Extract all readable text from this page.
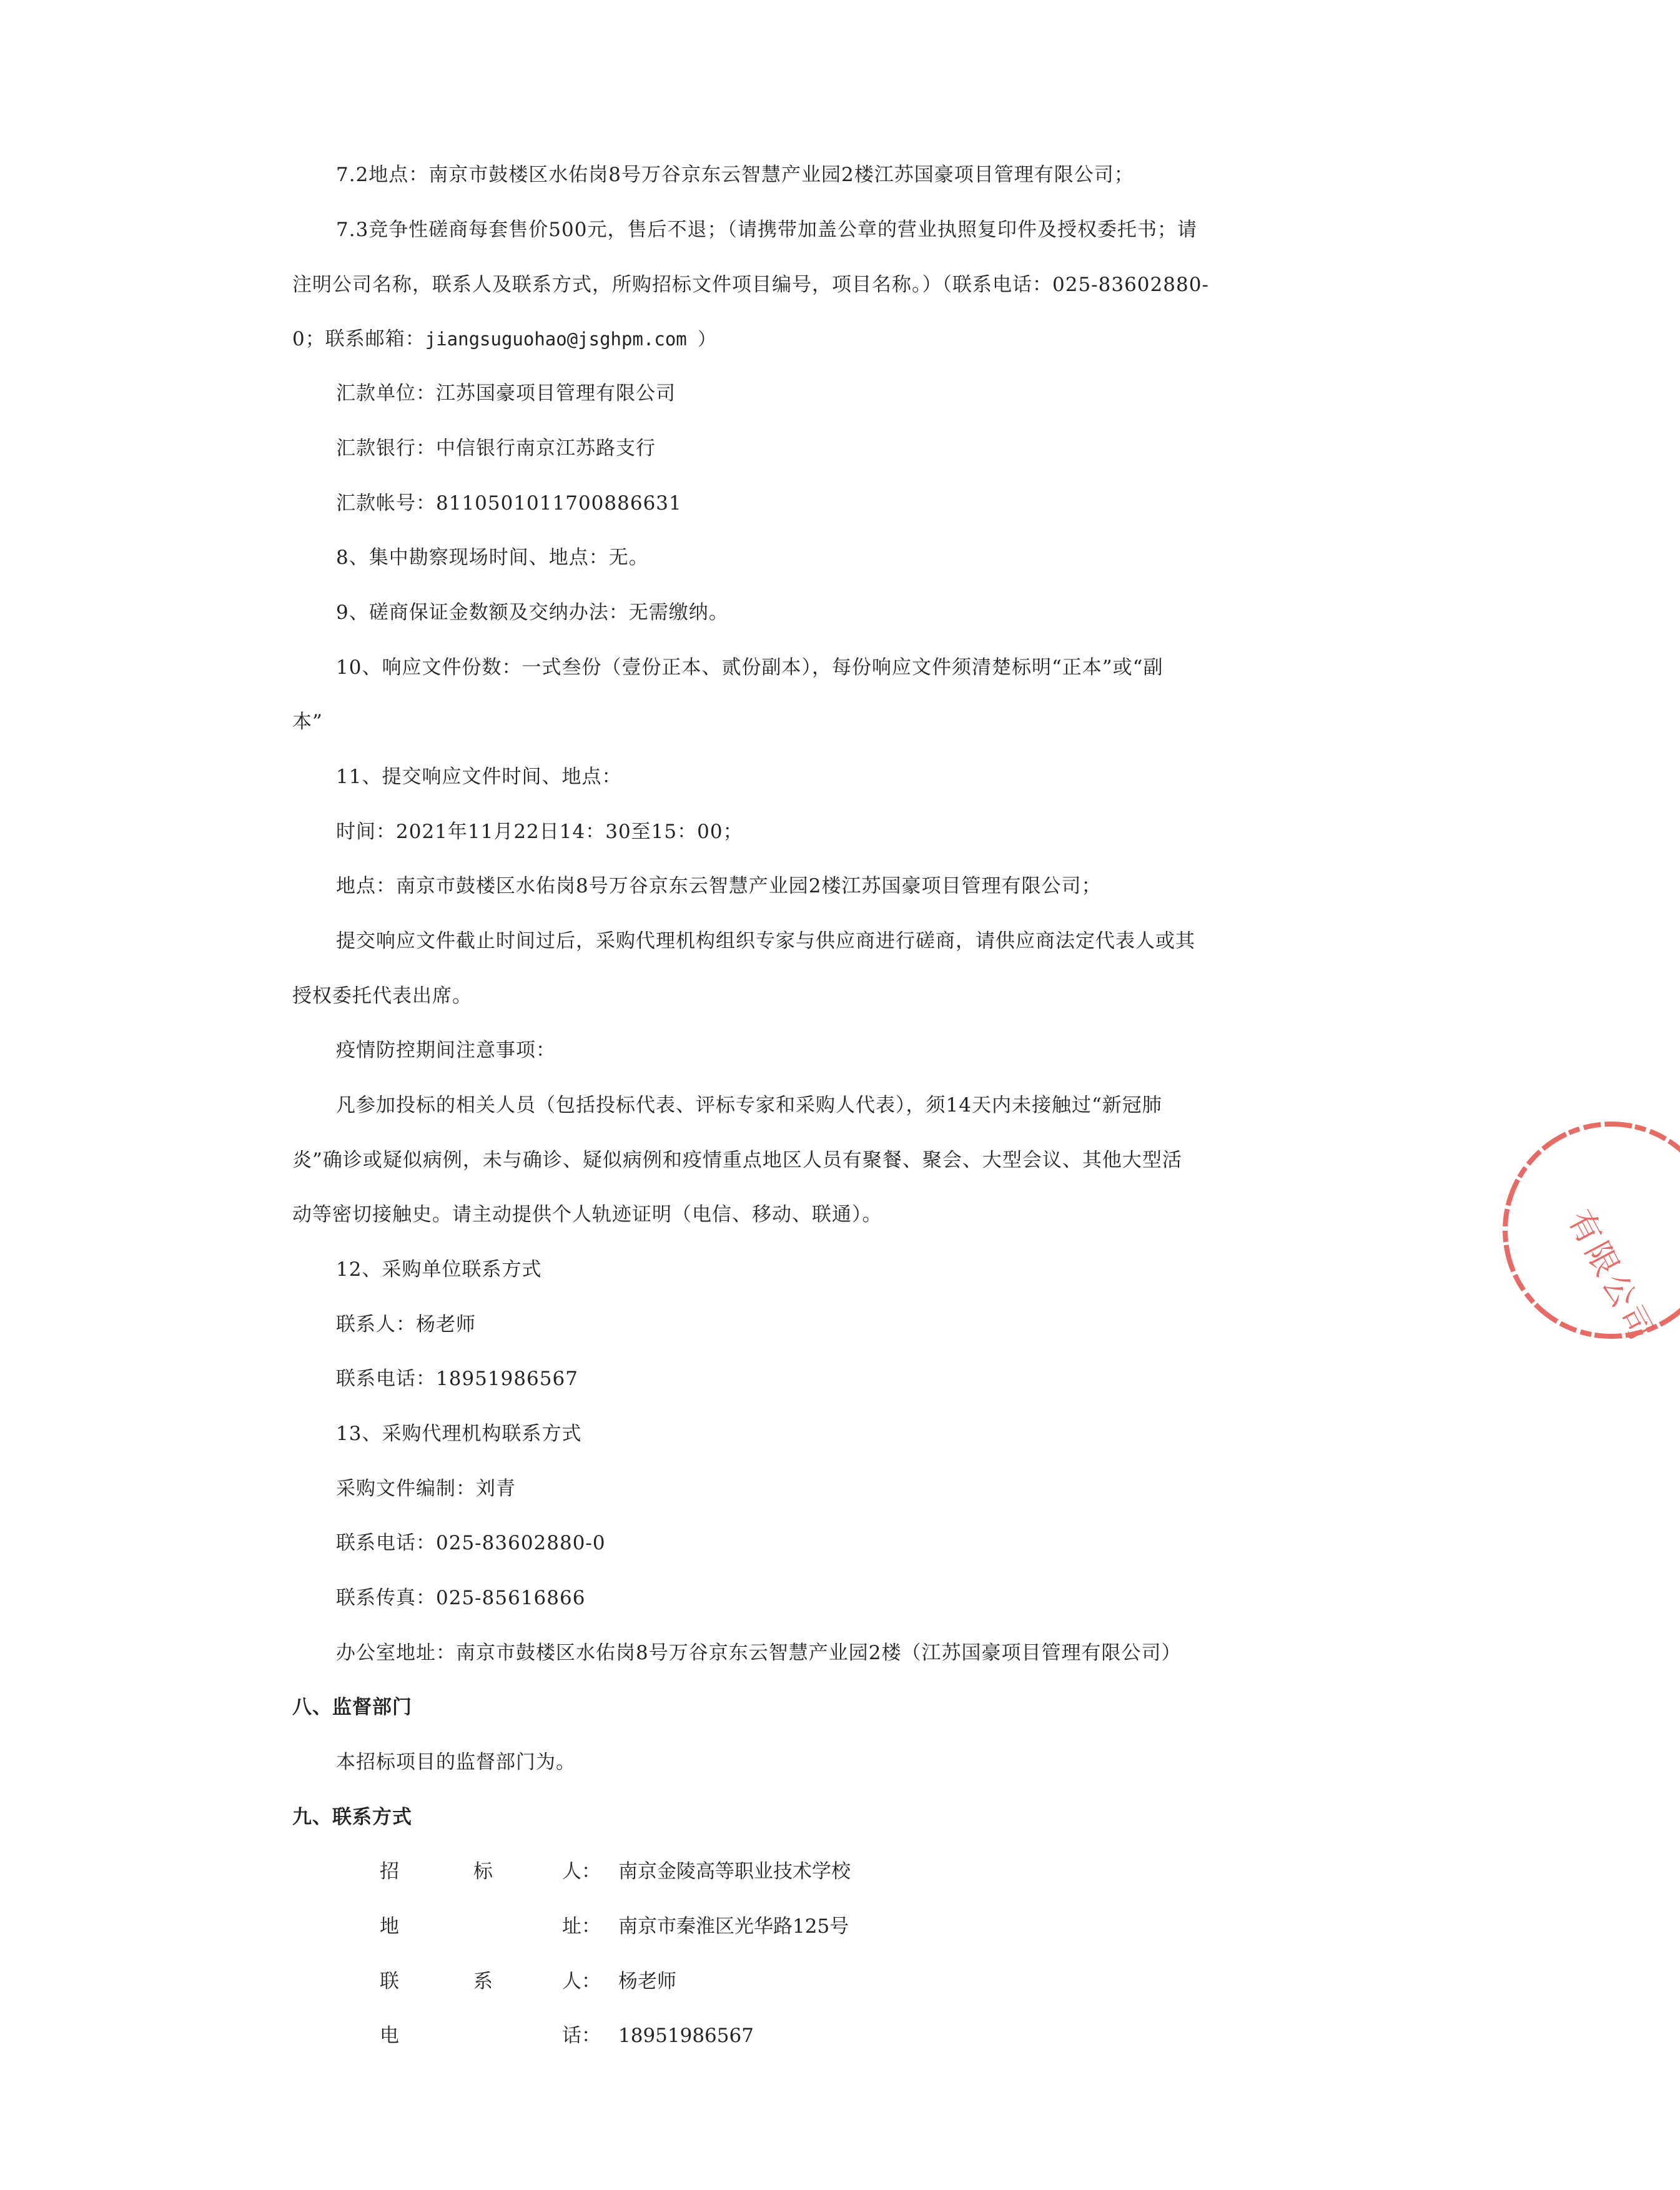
7.2地点：南京市鼓楼区水佑岗8号万谷京东云智慧产业园2楼江苏国豪项目管理有限公司；
7.3竞争性磋商每套售价500元，售后不退；（请携带加盖公章的营业执照复印件及授权委托书；请
注明公司名称，联系人及联系方式，所购招标文件项目编号，项目名称。）（联系电话：025-83602880-
0；联系邮箱：jiangsuguohao@jsghpm.com ）
汇款单位：江苏国豪项目管理有限公司
汇款银行：中信银行南京江苏路支行
汇款帐号：8110501011700886631
8、集中勘察现场时间、地点：无。
9、磋商保证金数额及交纳办法：无需缴纳。
10、响应文件份数：一式叁份（壹份正本、贰份副本），每份响应文件须清楚标明“正本”或“副
本”
11、提交响应文件时间、地点：
时间：2021年11月22日14：30至15：00；
地点：南京市鼓楼区水佑岗8号万谷京东云智慧产业园2楼江苏国豪项目管理有限公司；
提交响应文件截止时间过后，采购代理机构组织专家与供应商进行磋商，请供应商法定代表人或其
授权委托代表出席。
疫情防控期间注意事项：
凡参加投标的相关人员（包括投标代表、评标专家和采购人代表），须14天内未接触过“新冠肺
炎”确诊或疑似病例，未与确诊、疑似病例和疫情重点地区人员有聚餐、聚会、大型会议、其他大型活
动等密切接触史。请主动提供个人轨迹证明（电信、移动、联通）。
12、采购单位联系方式
联系人：杨老师
联系电话：18951986567
13、采购代理机构联系方式
采购文件编制：刘青
联系电话：025-83602880-0
联系传真：025-85616866
办公室地址：南京市鼓楼区水佑岗8号万谷京东云智慧产业园2楼（江苏国豪项目管理有限公司）
八、监督部门
本招标项目的监督部门为。
九、联系方式
招	标	人： 南京金陵高等职业技术学校
地	址： 南京市秦淮区光华路125号
联	系	人： 杨老师
电	话： 18951986567
有限公司
